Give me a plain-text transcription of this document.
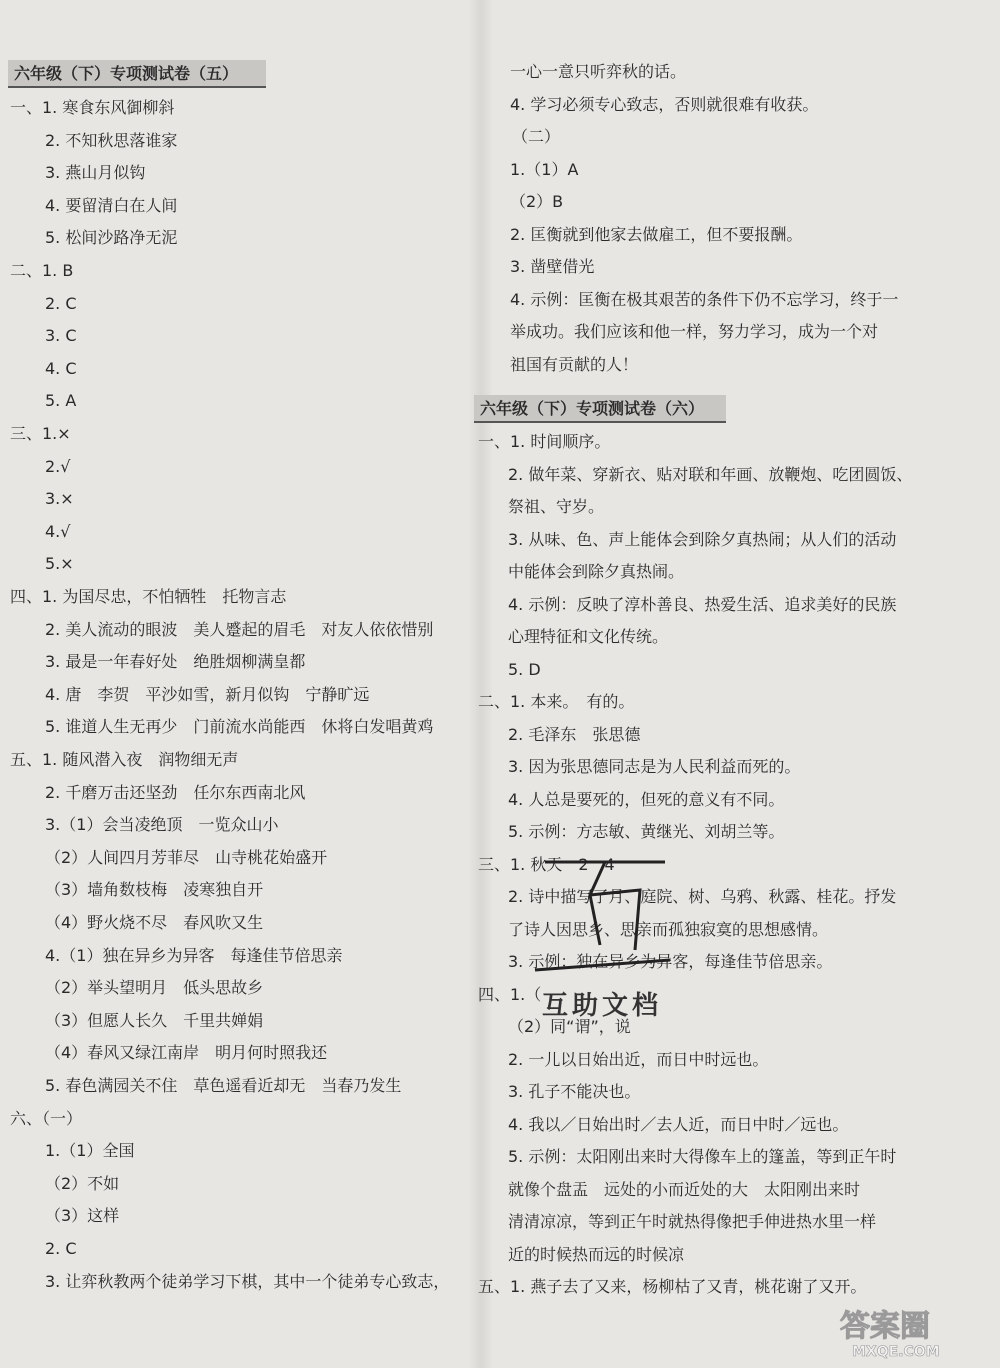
六年级（下）专项测试卷（五）
一、1. 寒食东风御柳斜
2. 不知秋思落谁家
3. 燕山月似钩
4. 要留清白在人间
5. 松间沙路净无泥
二、1. B
2. C
3. C
4. C
5. A
三、1.×
2.√
3.×
4.√
5.×
四、1. 为国尽忠，不怕牺牲　托物言志
2. 美人流动的眼波　美人蹙起的眉毛　对友人依依惜别
3. 最是一年春好处　绝胜烟柳满皇都
4. 唐　李贺　平沙如雪，新月似钩　宁静旷远
5. 谁道人生无再少　门前流水尚能西　休将白发唱黄鸡
五、1. 随风潜入夜　润物细无声
2. 千磨万击还坚劲　任尔东西南北风
3.（1）会当凌绝顶　一览众山小
（2）人间四月芳菲尽　山寺桃花始盛开
（3）墙角数枝梅　凌寒独自开
（4）野火烧不尽　春风吹又生
4.（1）独在异乡为异客　每逢佳节倍思亲
（2）举头望明月　低头思故乡
（3）但愿人长久　千里共婵娟
（4）春风又绿江南岸　明月何时照我还
5. 春色满园关不住　草色遥看近却无　当春乃发生
六、（一）
1.（1）全国
（2）不如
（3）这样
2. C
3. 让弈秋教两个徒弟学习下棋，其中一个徒弟专心致志，
一心一意只听弈秋的话。
4. 学习必须专心致志，否则就很难有收获。
（二）
1.（1）A
（2）B
2. 匡衡就到他家去做雇工，但不要报酬。
3. 凿壁借光
4. 示例：匡衡在极其艰苦的条件下仍不忘学习，终于一
举成功。我们应该和他一样，努力学习，成为一个对
祖国有贡献的人！
六年级（下）专项测试卷（六）
一、1. 时间顺序。
2. 做年菜、穿新衣、贴对联和年画、放鞭炮、吃团圆饭、
祭祖、守岁。
3. 从味、色、声上能体会到除夕真热闹；从人们的活动
中能体会到除夕真热闹。
4. 示例：反映了淳朴善良、热爱生活、追求美好的民族
心理特征和文化传统。
5. D
二、1. 本来。　有的。
2. 毛泽东　张思德
3. 因为张思德同志是为人民利益而死的。
4. 人总是要死的，但死的意义有不同。
5. 示例：方志敏、黄继光、刘胡兰等。
三、1. 秋天　2　4
2. 诗中描写了月、庭院、树、乌鸦、秋露、桂花。抒发
了诗人因思乡、思亲而孤独寂寞的思想感情。
3. 示例：独在异乡为异客，每逢佳节倍思亲。
四、1.（
（2）同“谓”，说
2. 一儿以日始出近，而日中时远也。
3. 孔子不能决也。
4. 我以／日始出时／去人近，而日中时／远也。
5. 示例：太阳刚出来时大得像车上的篷盖，等到正午时
就像个盘盂　远处的小而近处的大　太阳刚出来时
清清凉凉，等到正午时就热得像把手伸进热水里一样
近的时候热而远的时候凉
五、1. 燕子去了又来，杨柳枯了又青，桃花谢了又开。
互助文档
答案圈
MXQE.COM
